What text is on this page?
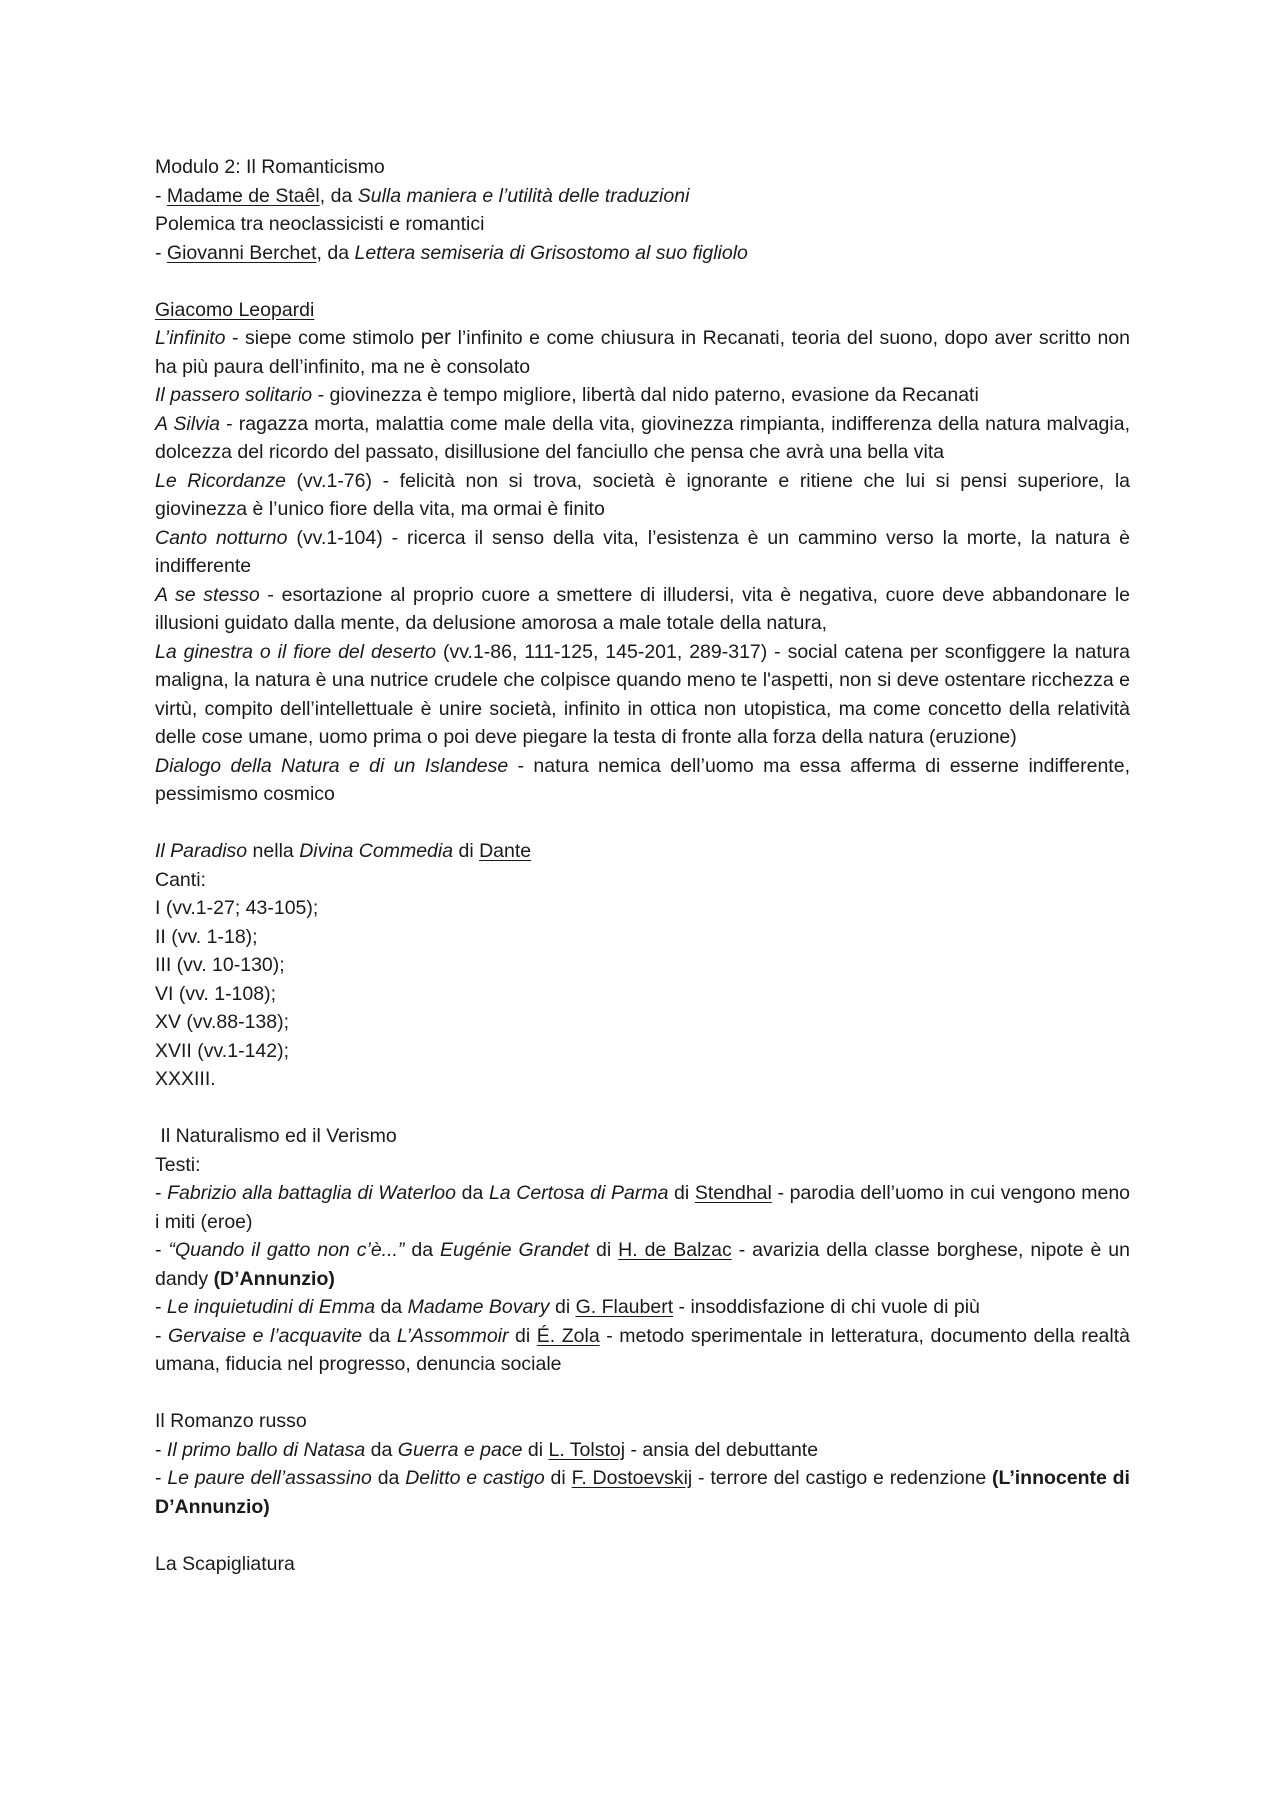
Modulo 2: Il Romanticismo
- Madame de Staêl, da Sulla maniera e l’utilità delle traduzioni
Polemica tra neoclassicisti e romantici
- Giovanni Berchet, da Lettera semiseria di Grisostomo al suo figliolo
Giacomo Leopardi
L’infinito - siepe come stimolo per l’infinito e come chiusura in Recanati, teoria del suono, dopo aver scritto non ha più paura dell’infinito, ma ne è consolato
Il passero solitario - giovinezza è tempo migliore, libertà dal nido paterno, evasione da Recanati
A Silvia - ragazza morta, malattia come male della vita, giovinezza rimpianta, indifferenza della natura malvagia, dolcezza del ricordo del passato, disillusione del fanciullo che pensa che avrà una bella vita
Le Ricordanze (vv.1-76) - felicità non si trova, società è ignorante e ritiene che lui si pensi superiore, la giovinezza è l’unico fiore della vita, ma ormai è finito
Canto notturno (vv.1-104) - ricerca il senso della vita, l’esistenza è un cammino verso la morte, la natura è indifferente
A se stesso - esortazione al proprio cuore a smettere di illudersi, vita è negativa, cuore deve abbandonare le illusioni guidato dalla mente, da delusione amorosa a male totale della natura,
La ginestra o il fiore del deserto (vv.1-86, 111-125, 145-201, 289-317) - social catena per sconfiggere la natura maligna, la natura è una nutrice crudele che colpisce quando meno te l'aspetti, non si deve ostentare ricchezza e virtù, compito dell’intellettuale è unire società, infinito in ottica non utopistica, ma come concetto della relatività delle cose umane, uomo prima o poi deve piegare la testa di fronte alla forza della natura (eruzione)
Dialogo della Natura e di un Islandese - natura nemica dell’uomo ma essa afferma di esserne indifferente, pessimismo cosmico
Il Paradiso nella Divina Commedia di Dante
Canti:
I (vv.1-27; 43-105);
II (vv. 1-18);
III (vv. 10-130);
VI (vv. 1-108);
XV (vv.88-138);
XVII (vv.1-142);
XXXIII.
Il Naturalismo ed il Verismo
Testi:
- Fabrizio alla battaglia di Waterloo da La Certosa di Parma di Stendhal - parodia dell’uomo in cui vengono meno i miti (eroe)
- “Quando il gatto non c’è...” da Eugénie Grandet di H. de Balzac - avarizia della classe borghese, nipote è un dandy (D’Annunzio)
- Le inquietudini di Emma da Madame Bovary di G. Flaubert - insoddisfazione di chi vuole di più
- Gervaise e l’acquavite da L’Assommoir di É. Zola - metodo sperimentale in letteratura, documento della realtà umana, fiducia nel progresso, denuncia sociale
Il Romanzo russo
- Il primo ballo di Natasa da Guerra e pace di L. Tolstoj - ansia del debuttante
- Le paure dell’assassino da Delitto e castigo di F. Dostoevskij - terrore del castigo e redenzione (L’innocente di D’Annunzio)
La Scapigliatura
